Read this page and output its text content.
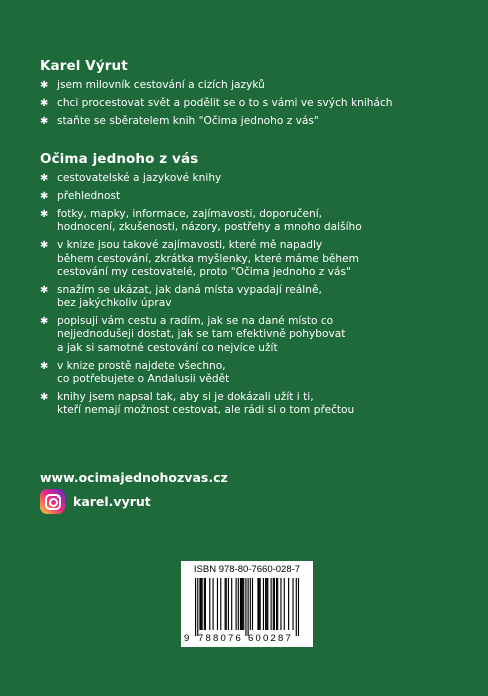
Karel Výrut
✱ jsem milovník cestování a cizích jazyků
✱ chci procestovat svět a podělit se o to s vámi ve svých knihách
✱ staňte se sběratelem knih "Očima jednoho z vás"
Očima jednoho z vás
✱ cestovatelské a jazykové knihy
✱ přehlednost
✱ fotky, mapky, informace, zajímavosti, doporučení,
hodnocení, zkušenosti, názory, postřehy a mnoho dalšího
✱ v knize jsou takové zajímavosti, které mě napadly
během cestování, zkrátka myšlenky, které máme během
cestování my cestovatelé, proto "Očima jednoho z vás"
✱ snažím se ukázat, jak daná místa vypadají reálně,
bez jakýchkoliv úprav
✱ popisuji vám cestu a radím, jak se na dané místo co
nejjednodušeji dostat, jak se tam efektivně pohybovat
a jak si samotné cestování co nejvíce užít
✱ v knize prostě najdete všechno,
co potřebujete o Andalusii vědět
✱ knihy jsem napsal tak, aby si je dokázali užít i ti,
kteří nemají možnost cestovat, ale rádi si o tom přečtou
www.ocimajednohozvas.cz
karel.vyrut
ISBN 978-80-7660-028-7
9 7 8 8 0 7 6 6 0 0 2 8 7
